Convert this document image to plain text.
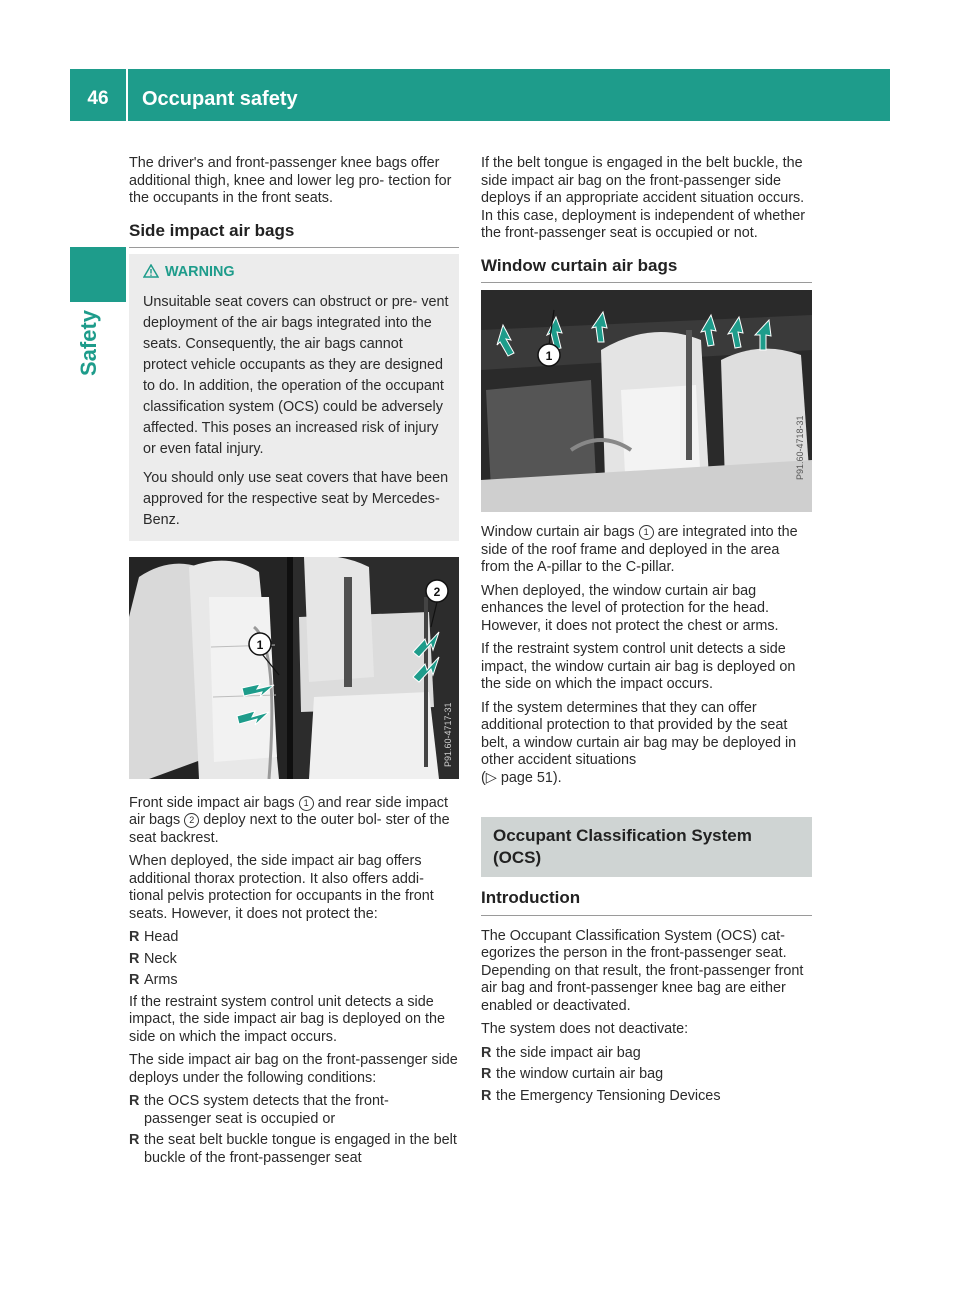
46	Occupant safety
Safety

The driver's and front-passenger knee bags offer additional thigh, knee and lower leg pro- tection for the occupants in the front seats.

Side impact air bags
WARNING

Unsuitable seat covers can obstruct or pre- vent deployment of the air bags integrated into the seats. Consequently, the air bags cannot protect vehicle occupants as they are designed to do. In addition, the operation of the occupant classification system (OCS) could be adversely affected. This poses an increased risk of injury or even fatal injury.

You should only use seat covers that have been approved for the respective seat by Mercedes-Benz.

1
2
P91.60-4717-31

Front side impact air bags 1 and rear side impact air bags 2 deploy next to the outer bol- ster of the seat backrest.

When deployed, the side impact air bag offers additional thorax protection. It also offers addi- tional pelvis protection for occupants in the front seats. However, it does not protect the:

R Head
R Neck
R Arms

If the restraint system control unit detects a side impact, the side impact air bag is deployed on the side on which the impact occurs.

The side impact air bag on the front-passenger side deploys under the following conditions:

R the OCS system detects that the front- passenger seat is occupied or
R the seat belt buckle tongue is engaged in the belt buckle of the front-passenger seat

If the belt tongue is engaged in the belt buckle, the side impact air bag on the front-passenger side deploys if an appropriate accident situation occurs. In this case, deployment is independent of whether the front-passenger seat is occupied or not.

Window curtain air bags
1
P91.60-4718-31

Window curtain air bags 1 are integrated into the side of the roof frame and deployed in the area from the A-pillar to the C-pillar.

When deployed, the window curtain air bag enhances the level of protection for the head. However, it does not protect the chest or arms.

If the restraint system control unit detects a side impact, the window curtain air bag is deployed on the side on which the impact occurs.

If the system determines that they can offer additional protection to that provided by the seat belt, a window curtain air bag may be deployed in other accident situations
(▷ page 51).

Occupant Classification System
(OCS)
Introduction

The Occupant Classification System (OCS) cat- egorizes the person in the front-passenger seat. Depending on that result, the front-passenger front air bag and front-passenger knee bag are either enabled or deactivated.

The system does not deactivate:

R the side impact air bag
R the window curtain air bag
R the Emergency Tensioning Devices
